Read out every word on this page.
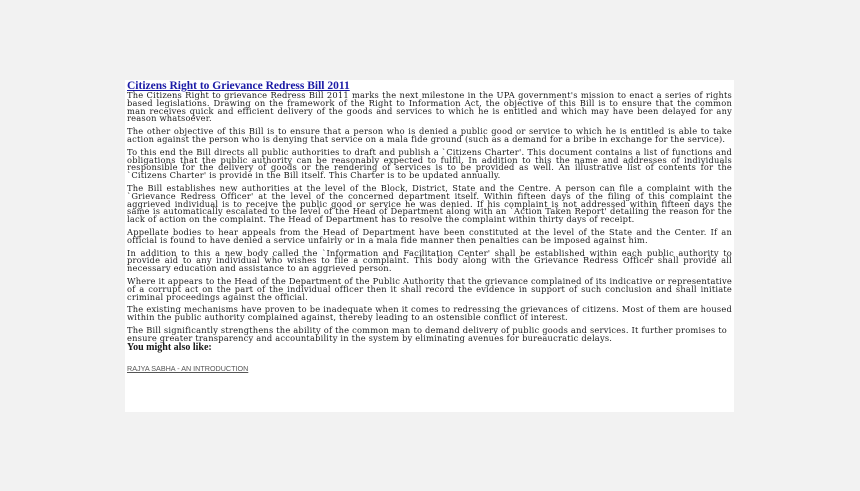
Citizens Right to Grievance Redress Bill 2011

The Citizens Right to grievance Redress Bill 2011 marks the next milestone in the UPA government's mission to enact a series of rights based legislations. Drawing on the framework of the Right to Information Act, the objective of this Bill is to ensure that the common man receives quick and efficient delivery of the goods and services to which he is entitled and which may have been delayed for any reason whatsoever.

The other objective of this Bill is to ensure that a person who is denied a public good or service to which he is entitled is able to take action against the person who is denying that service on a mala fide ground (such as a demand for a bribe in exchange for the service).

To this end the Bill directs all public authorities to draft and publish a `Citizens Charter'. This document contains a list of functions and obligations that the public authority can be reasonably expected to fulfil. In addition to this the name and addresses of individuals responsible for the delivery of goods or the rendering of services is to be provided as well. An illustrative list of contents for the `Citizens Charter' is provide in the Bill itself. This Charter is to be updated annually.

The Bill establishes new authorities at the level of the Block, District, State and the Centre. A person can file a complaint with the `Grievance Redress Officer' at the level of the concerned department itself. Within fifteen days of the filing of this complaint the aggrieved individual is to receive the public good or service he was denied. If his complaint is not addressed within fifteen days the same is automatically escalated to the level of the Head of Department along with an `Action Taken Report' detailing the reason for the lack of action on the complaint. The Head of Department has to resolve the complaint within thirty days of receipt.

Appellate bodies to hear appeals from the Head of Department have been constituted at the level of the State and the Center. If an official is found to have denied a service unfairly or in a mala fide manner then penalties can be imposed against him.

In addition to this a new body called the `Information and Facilitation Center' shall be established within each public authority to provide aid to any individual who wishes to file a complaint. This body along with the Grievance Redress Officer shall provide all necessary education and assistance to an aggrieved person.

Where it appears to the Head of the Department of the Public Authority that the grievance complained of its indicative or representative of a corrupt act on the part of the individual officer then it shall record the evidence in support of such conclusion and shall initiate criminal proceedings against the official.

The existing mechanisms have proven to be inadequate when it comes to redressing the grievances of citizens. Most of them are housed within the public authority complained against, thereby leading to an ostensible conflict of interest.

The Bill significantly strengthens the ability of the common man to demand delivery of public goods and services. It further promises to ensure greater transparency and accountability in the system by eliminating avenues for bureaucratic delays.

You might also like:
RAJYA SABHA - AN INTRODUCTION
